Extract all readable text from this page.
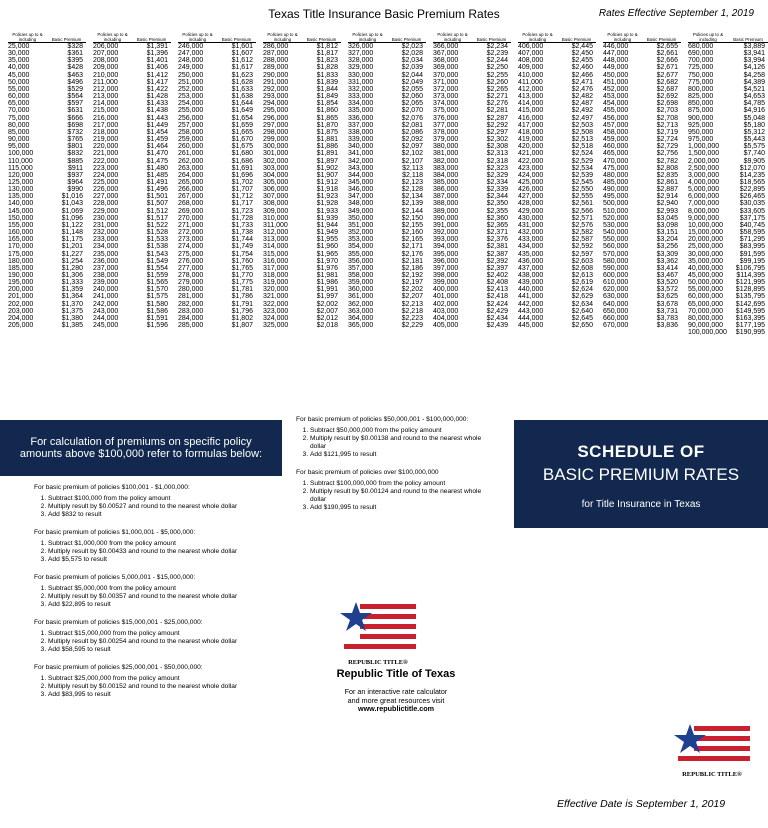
Texas Title Insurance Basic Premium Rates	Rates Effective September 1, 2019
Policies up to & including	Basic Premium
25,000	$328
30,000	$361
35,000	$395
40,000	$428
45,000	$463
50,000	$496
55,000	$529
60,000	$564
65,000	$597
70,000	$631
75,000	$666
80,000	$698
85,000	$732
90,000	$765
95,000	$801
100,000	$832
110,000	$885
115,000	$911
120,000	$937
125,000	$964
130,000	$990
135,000	$1,016
140,000	$1,043
145,000	$1,069
150,000	$1,096
155,000	$1,122
160,000	$1,148
165,000	$1,175
170,000	$1,201
175,000	$1,227
180,000	$1,254
185,000	$1,280
190,000	$1,306
195,000	$1,333
200,000	$1,359
201,000	$1,364
202,000	$1,370
203,000	$1,375
204,000	$1,380
205,000	$1,385
Policies up to & including	Basic Premium
206,000	$1,391
207,000	$1,396
208,000	$1,401
209,000	$1,406
210,000	$1,412
211,000	$1,417
212,000	$1,422
213,000	$1,428
214,000	$1,433
215,000	$1,438
216,000	$1,443
217,000	$1,449
218,000	$1,454
219,000	$1,459
220,000	$1,464
221,000	$1,470
222,000	$1,475
223,000	$1,480
224,000	$1,485
225,000	$1,491
226,000	$1,496
227,000	$1,501
228,000	$1,507
229,000	$1,512
230,000	$1,517
231,000	$1,522
232,000	$1,528
233,000	$1,533
234,000	$1,538
235,000	$1,543
236,000	$1,549
237,000	$1,554
238,000	$1,559
239,000	$1,565
240,000	$1,570
241,000	$1,575
242,000	$1,580
243,000	$1,586
244,000	$1,591
245,000	$1,596
Policies up to & including	Basic Premium
246,000	$1,601
247,000	$1,607
248,000	$1,612
249,000	$1,617
250,000	$1,623
251,000	$1,628
252,000	$1,633
253,000	$1,638
254,000	$1,644
255,000	$1,649
256,000	$1,654
257,000	$1,659
258,000	$1,665
259,000	$1,670
260,000	$1,675
261,000	$1,680
262,000	$1,686
263,000	$1,691
264,000	$1,696
265,000	$1,702
266,000	$1,707
267,000	$1,712
268,000	$1,717
269,000	$1,723
270,000	$1,728
271,000	$1,733
272,000	$1,738
273,000	$1,744
274,000	$1,749
275,000	$1,754
276,000	$1,760
277,000	$1,765
278,000	$1,770
279,000	$1,775
280,000	$1,781
281,000	$1,786
282,000	$1,791
283,000	$1,796
284,000	$1,802
285,000	$1,807
Policies up to & including	Basic Premium
286,000	$1,812
287,000	$1,817
288,000	$1,823
289,000	$1,828
290,000	$1,833
291,000	$1,839
292,000	$1,844
293,000	$1,849
294,000	$1,854
295,000	$1,860
296,000	$1,865
297,000	$1,870
298,000	$1,875
299,000	$1,881
300,000	$1,886
301,000	$1,891
302,000	$1,897
303,000	$1,902
304,000	$1,907
305,000	$1,912
306,000	$1,918
307,000	$1,923
308,000	$1,928
309,000	$1,933
310,000	$1,939
311,000	$1,944
312,000	$1,949
313,000	$1,955
314,000	$1,960
315,000	$1,965
316,000	$1,970
317,000	$1,976
318,000	$1,981
319,000	$1,986
320,000	$1,991
321,000	$1,997
322,000	$2,002
323,000	$2,007
324,000	$2,012
325,000	$2,018
Policies up to & including	Basic Premium
326,000	$2,023
327,000	$2,028
328,000	$2,034
329,000	$2,039
330,000	$2,044
331,000	$2,049
332,000	$2,055
333,000	$2,060
334,000	$2,065
335,000	$2,070
336,000	$2,076
337,000	$2,081
338,000	$2,086
339,000	$2,092
340,000	$2,097
341,000	$2,102
342,000	$2,107
343,000	$2,113
344,000	$2,118
345,000	$2,123
346,000	$2,128
347,000	$2,134
348,000	$2,139
349,000	$2,144
350,000	$2,150
351,000	$2,155
352,000	$2,160
353,000	$2,165
354,000	$2,171
355,000	$2,176
356,000	$2,181
357,000	$2,186
358,000	$2,192
359,000	$2,197
360,000	$2,202
361,000	$2,207
362,000	$2,213
363,000	$2,218
364,000	$2,223
365,000	$2,229
Policies up to & including	Basic Premium
366,000	$2,234
367,000	$2,239
368,000	$2,244
369,000	$2,250
370,000	$2,255
371,000	$2,260
372,000	$2,265
373,000	$2,271
374,000	$2,276
375,000	$2,281
376,000	$2,287
377,000	$2,292
378,000	$2,297
379,000	$2,302
380,000	$2,308
381,000	$2,313
382,000	$2,318
383,000	$2,323
384,000	$2,329
385,000	$2,334
386,000	$2,339
387,000	$2,344
388,000	$2,350
389,000	$2,355
390,000	$2,360
391,000	$2,365
392,000	$2,371
393,000	$2,376
394,000	$2,381
395,000	$2,387
396,000	$2,392
397,000	$2,397
398,000	$2,402
399,000	$2,408
400,000	$2,413
401,000	$2,418
402,000	$2,424
403,000	$2,429
404,000	$2,434
405,000	$2,439
Policies up to & including	Basic Premium
406,000	$2,445
407,000	$2,450
408,000	$2,455
409,000	$2,460
410,000	$2,466
411,000	$2,471
412,000	$2,476
413,000	$2,482
414,000	$2,487
415,000	$2,492
416,000	$2,497
417,000	$2,503
418,000	$2,508
419,000	$2,513
420,000	$2,518
421,000	$2,524
422,000	$2,529
423,000	$2,534
424,000	$2,539
425,000	$2,545
426,000	$2,550
427,000	$2,555
428,000	$2,561
429,000	$2,566
430,000	$2,571
431,000	$2,576
432,000	$2,582
433,000	$2,587
434,000	$2,592
435,000	$2,597
436,000	$2,603
437,000	$2,608
438,000	$2,613
439,000	$2,619
440,000	$2,624
441,000	$2,629
442,000	$2,634
443,000	$2,640
444,000	$2,645
445,000	$2,650
Policies up to & including	Basic Premium
446,000	$2,655
447,000	$2,661
448,000	$2,666
449,000	$2,671
450,000	$2,677
451,000	$2,682
452,000	$2,687
453,000	$2,692
454,000	$2,698
455,000	$2,703
456,000	$2,708
457,000	$2,713
458,000	$2,719
459,000	$2,724
460,000	$2,729
465,000	$2,756
470,000	$2,782
475,000	$2,808
480,000	$2,835
485,000	$2,861
490,000	$2,887
495,000	$2,914
500,000	$2,940
510,000	$2,993
520,000	$3,045
530,000	$3,098
540,000	$3,151
550,000	$3,204
560,000	$3,256
570,000	$3,309
580,000	$3,362
590,000	$3,414
600,000	$3,467
610,000	$3,520
620,000	$3,572
630,000	$3,625
640,000	$3,678
650,000	$3,731
660,000	$3,783
670,000	$3,836
Policies up to & including	Basic Premium
680,000	$3,889
690,000	$3,941
700,000	$3,994
725,000	$4,126
750,000	$4,258
775,000	$4,389
800,000	$4,521
825,000	$4,653
850,000	$4,785
875,000	$4,916
900,000	$5,048
925,000	$5,180
950,000	$5,312
975,000	$5,443
1,000,000	$5,575
1,500,000	$7,740
2,000,000	$9,905
2,500,000	$12,070
3,000,000	$14,235
4,000,000	$18,565
5,000,000	$22,895
6,000,000	$26,465
7,000,000	$30,035
8,000,000	$33,605
9,000,000	$37,175
10,000,000	$40,745
15,000,000	$58,595
20,000,000	$71,295
25,000,000	$83,995
30,000,000	$91,595
35,000,000	$99,195
40,000,000	$106,795
45,000,000	$114,395
50,000,000	$121,995
55,000,000	$128,895
60,000,000	$135,795
65,000,000	$142,695
70,000,000	$149,595
80,000,000	$163,395
90,000,000	$177,195
100,000,000	$190,995
For calculation of premiums on specific policy amounts above $100,000 refer to formulas below:
For basic premium of policies $100,001 - $1,000,000:
1. Subtract $100,000 from the policy amount
2. Multiply result by $0.00527 and round to the nearest whole dollar
3. Add $832 to result
For basic premium of policies $1,000,001 - $5,000,000:
1. Subtract $1,000,000 from the policy amount
2. Multiply result by $0.00433 and round to the nearest whole dollar
3. Add $5,575 to result
For basic premium of policies 5,000,001 - $15,000,000:
1. Subtract $5,000,000 from the policy amount
2. Multiply result by $0.00357 and round to the nearest whole dollar
3. Add $22,895 to result
For basic premium of policies $15,000,001 - $25,000,000:
1. Subtract $15,000,000 from the policy amount
2. Multiply result by $0.00254 and round to the nearest whole dollar
3. Add $58,595 to result
For basic premium of policies $25,000,001 - $50,000,000:
1. Subtract $25,000,000 from the policy amount
2. Multiply result by $0.00152 and round to the nearest whole dollar
3. Add $83,995 to result
For basic premium of policies $50,000,001 - $100,000,000:
1. Subtract $50,000,000 from the policy amount
2. Multiply result by $0.00138 and round to the nearest whole dollar
3. Add $121,995 to result
For basic premium of policies over $100,000,000
1. Subtract $100,000,000 from the policy amount
2. Multiply result by $0.00124 and round to the nearest whole dollar
3. Add $190,995 to result
SCHEDULE OF
BASIC PREMIUM RATES
for Title Insurance in Texas
REPUBLIC TITLE®
Republic Title of Texas
For an interactive rate calculator
and more great resources visit
www.republictitle.com
REPUBLIC TITLE®
Effective Date is September 1, 2019
